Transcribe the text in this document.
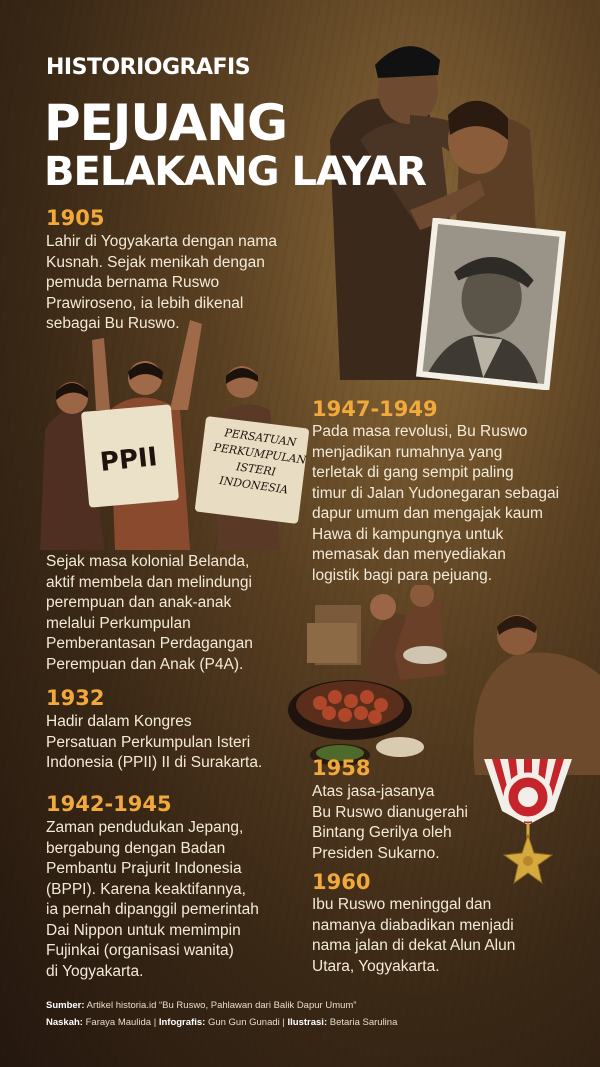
PPII
PERSATUAN PERKUMPULAN ISTERI INDONESIA
HISTORIOGRAFIS
PEJUANG
BELAKANG LAYAR
1905
Lahir di Yogyakarta dengan nama
Kusnah. Sejak menikah dengan
pemuda bernama Ruswo
Prawiroseno, ia lebih dikenal
sebagai Bu Ruswo.
Sejak masa kolonial Belanda,
aktif membela dan melindungi
perempuan dan anak-anak
melalui Perkumpulan
Pemberantasan Perdagangan
Perempuan dan Anak (P4A).
1932
Hadir dalam Kongres
Persatuan Perkumpulan Isteri
Indonesia (PPII) II di Surakarta.
1942-1945
Zaman pendudukan Jepang,
bergabung dengan Badan
Pembantu Prajurit Indonesia
(BPPI). Karena keaktifannya,
ia pernah dipanggil pemerintah
Dai Nippon untuk memimpin
Fujinkai (organisasi wanita)
di Yogyakarta.
1947-1949
Pada masa revolusi, Bu Ruswo
menjadikan rumahnya yang
terletak di gang sempit paling
timur di Jalan Yudonegaran sebagai
dapur umum dan mengajak kaum
Hawa di kampungnya untuk
memasak dan menyediakan
logistik bagi para pejuang.
1958
Atas jasa-jasanya
Bu Ruswo dianugerahi
Bintang Gerilya oleh
Presiden Sukarno.
1960
Ibu Ruswo meninggal dan
namanya diabadikan menjadi
nama jalan di dekat Alun Alun
Utara, Yogyakarta.
Sumber: Artikel historia.id “Bu Ruswo, Pahlawan dari Balik Dapur Umum”
Naskah: Faraya Maulida | Infografis: Gun Gun Gunadi | Ilustrasi: Betaria Sarulina
